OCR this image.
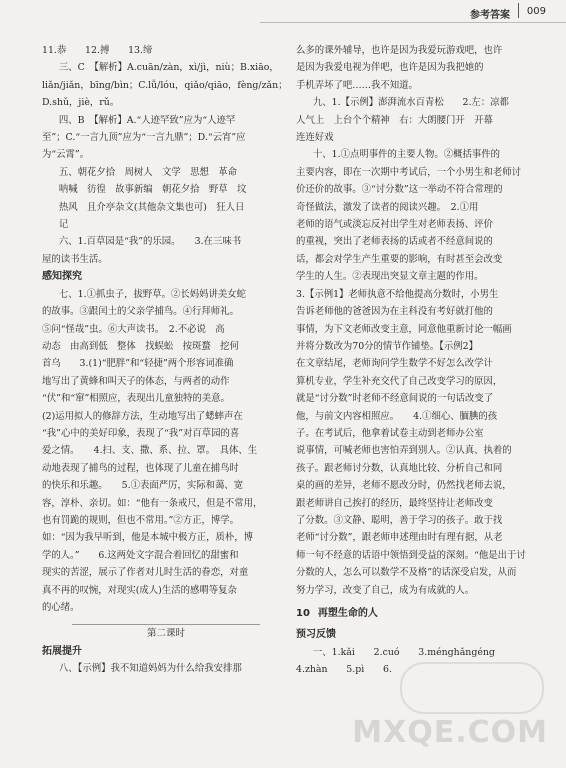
参考答案 009

11.恭　　12.搏　　13.缔

三、C　【解析】A.cuān/zàn，xì/jì，niù；B.xiāo，

liǎn/jiǎn，bīng/bìn；C.lǚ/lóu，qiǎo/qiāo，fèng/zǎn；

D.shǔ，jiè，rǔ。

四、B　【解析】A.“人迹罕致”应为“人迹罕

至”；C.“一言九顶”应为“一言九鼎”；D.“云宵”应

为“云霄”。

五、朝花夕拾　周树人　文学　思想　革命

呐喊　彷徨　故事新编　朝花夕拾　野草　坟

热风　且介亭杂文(其他杂文集也可)　狂人日

记

六、1.百草园是“我”的乐园。　　3.在三味书

屋的读书生活。

感知探究

七、1.①抓虫子，拔野草。②长妈妈讲美女蛇

的故事。③跟闰土的父亲学捕鸟。④行拜师礼。

⑤问“怪哉”虫。⑥大声读书。　2.不必说　高

动态　由高到低　整体　找蜈蚣　按斑蝥　挖何

首乌　　3.(1)“肥胖”和“轻捷”两个形容词准确

地写出了黄蜂和叫天子的体态，与两者的动作

“伏”和“窜”相照应，表现出儿童独特的美意。

(2)运用拟人的修辞方法，生动地写出了蟋蟀声在

“我”心中的美好印象，表现了“我”对百草园的喜

爱之情。　　4.扫、支、撒、系、拉、罩。　具体、生

动地表现了捕鸟的过程，也体现了儿童在捕鸟时

的快乐和乐趣。　　5.①表面严厉，实际和蔼、宽

容，淳朴、亲切。如：“他有一条戒尺，但是不常用，

也有罚跪的规则，但也不常用。”②方正，博学。

如：“因为我早听到，他是本城中极方正，质朴，博

学的人。”　　6.这两处文字混合着回忆的甜蜜和

现实的苦涩，展示了作者对儿时生活的眷恋，对童

真不再的叹惋，对现实(成人)生活的感喟等复杂

的心绪。

第二课时

拓展提升

八、【示例】我不知道妈妈为什么给我安排那

么多的课外辅导，也许是因为我爱玩游戏吧，也许

是因为我爱电视为伴吧，也许是因为我把她的

手机弄坏了吧……我不知道。

九、1.【示例】澎湃流水百青松　　2.左：凉都

人气上　上台个个精神　右：大朗腰门开　开幕

连连好戏

十、1.①点明事件的主要人物。②概括事件的

主要内容，即在一次期中考试后，一个小男生和老师讨

价还价的故事。③“讨分数”这一举动不符合常理的

奇怪做法，激发了读者的阅读兴趣。　2.①用

老师的语气或淡忘反衬出学生对老师表扬、评价

的重视，突出了老师表扬的话或者不经意间说的

话，都会对学生产生重要的影响，有时甚至会改变

学生的人生。②表现出突显文章主题的作用。

3.【示例1】老师执意不给他提高分数时，小男生

告诉老师他的爸爸因为在主科没有考好就打他的

事情，为下文老师改变主意，同意他重新讨论一幅画

并将分数改为70分的情节作铺垫。【示例2】

在文章结尾，老师询问学生数学不好怎么改学计

算机专业，学生补充交代了自己改变学习的原因，

就是“讨分数”时老师不经意间说的一句话改变了

他，与前文内容相照应。　　4.①细心、腼腆的孩

子。在考试后，他拿着试卷主动到老师办公室

说事情，可喊老师也害怕弄到别人。②认真、执着的

孩子。跟老师讨分数，认真地比较、分析自己和同

桌的画的差异，老师不愿改分时，仍然找老师去说，

跟老师讲自己挨打的经历，最终坚持让老师改变

了分数。③文静、聪明，善于学习的孩子。敢于找

老师“讨分数”，跟老师申述理由时有理有据，从老

师一句不经意的话语中领悟到受益的深刻。“他是出于讨

分数的人，怎么可以数学不及格”的话深受启发，从而

努力学习，改变了自己，成为有成就的人。

10 再塑生命的人

预习反馈

一、1.kǎi　　2.cuó　　3.ménghǎngéng

4.zhàn　　5.pì　　6.

MXQE.COM
